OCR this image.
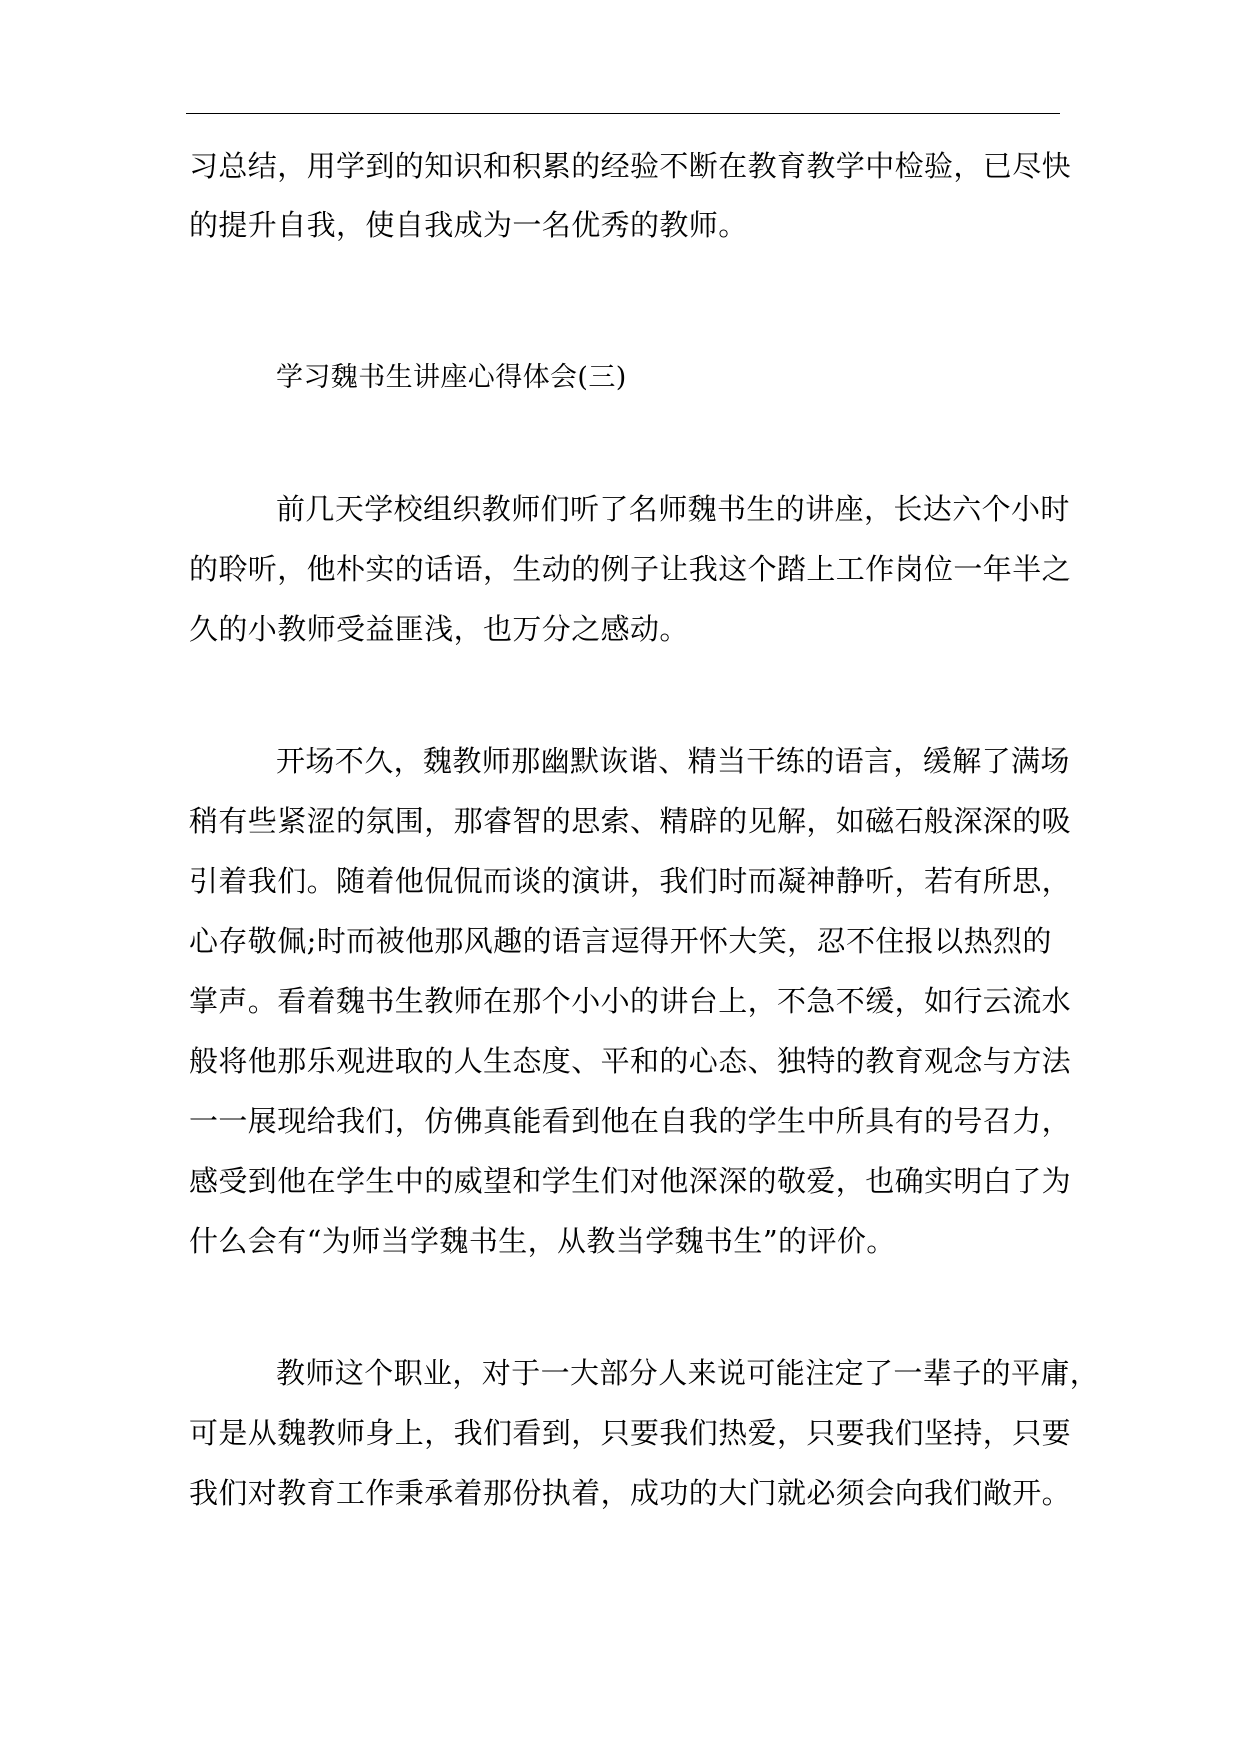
习总结，用学到的知识和积累的经验不断在教育教学中检验，已尽快

的提升自我，使自我成为一名优秀的教师。

学习魏书生讲座心得体会(三)

前几天学校组织教师们听了名师魏书生的讲座，长达六个小时

的聆听，他朴实的话语，生动的例子让我这个踏上工作岗位一年半之

久的小教师受益匪浅，也万分之感动。

开场不久，魏教师那幽默诙谐、精当干练的语言，缓解了满场

稍有些紧涩的氛围，那睿智的思索、精辟的见解，如磁石般深深的吸

引着我们。随着他侃侃而谈的演讲，我们时而凝神静听，若有所思，

心存敬佩;时而被他那风趣的语言逗得开怀大笑，忍不住报以热烈的

掌声。看着魏书生教师在那个小小的讲台上，不急不缓，如行云流水

般将他那乐观进取的人生态度、平和的心态、独特的教育观念与方法

一一展现给我们，仿佛真能看到他在自我的学生中所具有的号召力，

感受到他在学生中的威望和学生们对他深深的敬爱，也确实明白了为

什么会有“为师当学魏书生，从教当学魏书生”的评价。

教师这个职业，对于一大部分人来说可能注定了一辈子的平庸，

可是从魏教师身上，我们看到，只要我们热爱，只要我们坚持，只要

我们对教育工作秉承着那份执着，成功的大门就必须会向我们敞开。
